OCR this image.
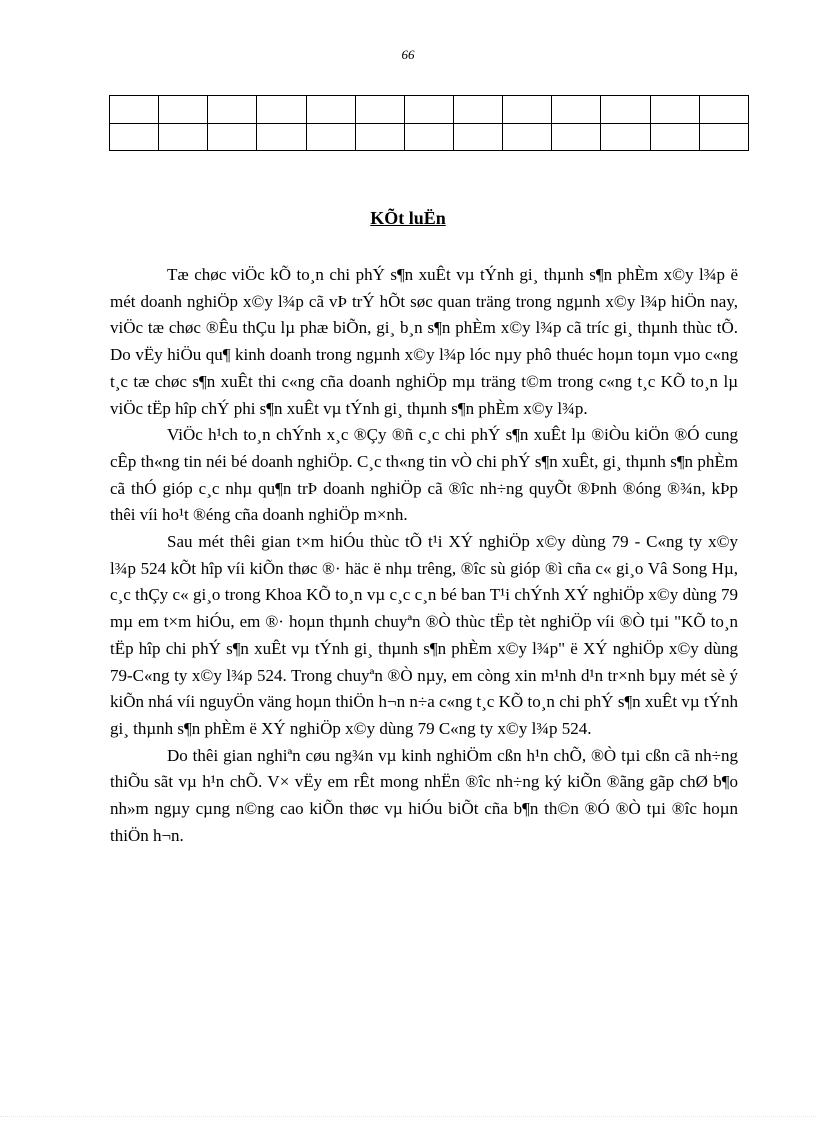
66

KÕt luËn

Tæ chøc viÖc kÕ to¸n chi phÝ s¶n xuÊt vµ tÝnh gi¸ thµnh s¶n phÈm x©y l¾p ë mét doanh nghiÖp x©y l¾p cã vÞ trÝ hÕt søc quan träng trong ngµnh x©y l¾p hiÖn nay, viÖc tæ chøc ®Êu thÇu lµ phæ biÕn, gi¸ b¸n s¶n phÈm x©y l¾p cã tríc gi¸ thµnh thùc tÕ. Do vËy hiÖu qu¶ kinh doanh trong ngµnh x©y l¾p lóc nµy phô thuéc hoµn toµn vµo c«ng t¸c tæ chøc s¶n xuÊt thi c«ng cña doanh nghiÖp mµ träng t©m trong c«ng t¸c KÕ to¸n lµ viÖc tËp hîp chÝ phi s¶n xuÊt vµ tÝnh gi¸ thµnh s¶n phÈm x©y l¾p.

ViÖc h¹ch to¸n chÝnh x¸c ®Çy ®ñ c¸c chi phÝ s¶n xuÊt lµ ®iÒu kiÖn ®Ó cung cÊp th«ng tin néi bé doanh nghiÖp. C¸c th«ng tin vÒ chi phÝ s¶n xuÊt, gi¸ thµnh s¶n phÈm cã thÓ gióp c¸c nhµ qu¶n trÞ doanh nghiÖp cã ®îc nh÷ng quyÕt ®Þnh ®óng ®¾n, kÞp thêi víi ho¹t ®éng cña doanh nghiÖp m×nh.

Sau mét thêi gian t×m hiÓu thùc tÕ t¹i XÝ nghiÖp x©y dùng 79 - C«ng ty x©y l¾p 524 kÕt hîp víi kiÕn thøc ®· häc ë nhµ trêng, ®îc sù gióp ®ì cña c« gi¸o Vâ Song Hµ, c¸c thÇy c« gi¸o trong Khoa KÕ to¸n vµ c¸c c¸n bé ban T¹i chÝnh XÝ nghiÖp x©y dùng 79 mµ em t×m hiÓu, em ®· hoµn thµnh chuyªn ®Ò thùc tËp tèt nghiÖp víi ®Ò tµi "KÕ to¸n tËp hîp chi phÝ s¶n xuÊt vµ tÝnh gi¸ thµnh s¶n phÈm x©y l¾p" ë XÝ nghiÖp x©y dùng 79-C«ng ty x©y l¾p 524. Trong chuyªn ®Ò nµy, em còng xin m¹nh d¹n tr×nh bµy mét sè ý kiÕn nhá víi nguyÖn väng hoµn thiÖn h¬n n÷a c«ng t¸c KÕ to¸n chi phÝ s¶n xuÊt vµ tÝnh gi¸ thµnh s¶n phÈm ë XÝ nghiÖp x©y dùng 79 C«ng ty x©y l¾p 524.

Do thêi gian nghiªn cøu ng¾n vµ kinh nghiÖm cßn h¹n chÕ, ®Ò tµi cßn cã nh÷ng thiÕu sãt vµ h¹n chÕ. V× vËy em rÊt mong nhËn ®îc nh÷ng ký kiÕn ®ãng gãp chØ b¶o nh»m ngµy cµng n©ng cao kiÕn thøc vµ hiÓu biÕt cña b¶n th©n ®Ó ®Ò tµi ®îc hoµn thiÖn h¬n.
